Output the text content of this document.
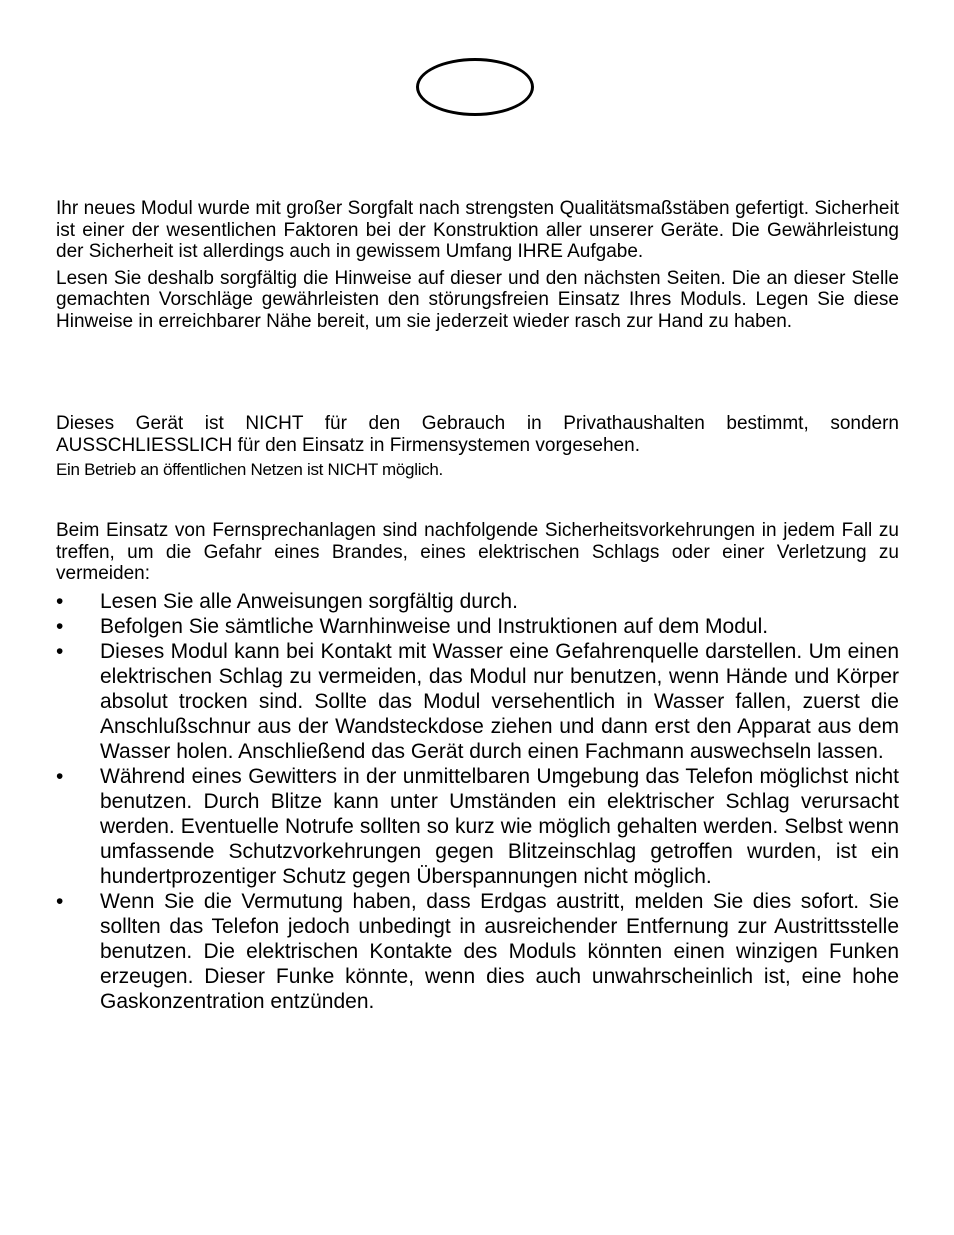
Ihr neues Modul wurde mit großer Sorgfalt nach strengsten Qualitätsmaßstäben gefertigt. Sicherheit ist einer der wesentlichen Faktoren bei der Konstruktion aller unserer Geräte. Die Gewährleistung der Sicherheit ist allerdings auch in gewissem Umfang IHRE Aufgabe.

Lesen Sie deshalb sorgfältig die Hinweise auf dieser und den nächsten Seiten. Die an dieser Stelle gemachten Vorschläge gewährleisten den störungsfreien Einsatz Ihres Moduls. Legen Sie diese Hinweise in erreichbarer Nähe bereit, um sie jederzeit wieder rasch zur Hand zu haben.

Dieses Gerät ist NICHT für den Gebrauch in Privathaushalten bestimmt, sondern AUSSCHLIESSLICH für den Einsatz in Firmensystemen vorgesehen.

Ein Betrieb an öffentlichen Netzen ist NICHT möglich.

Beim Einsatz von Fernsprechanlagen sind nachfolgende Sicherheitsvorkehrungen in jedem Fall zu treffen, um die Gefahr eines Brandes, eines elektrischen Schlags oder einer Verletzung zu vermeiden:

•	Lesen Sie alle Anweisungen sorgfältig durch.
•	Befolgen Sie sämtliche Warnhinweise und Instruktionen auf dem Modul.
•	Dieses Modul kann bei Kontakt mit Wasser eine Gefahrenquelle darstellen. Um einen elektrischen Schlag zu vermeiden, das Modul nur benutzen, wenn Hände und Körper absolut trocken sind. Sollte das Modul versehentlich in Wasser fallen, zuerst die Anschlußschnur aus der Wandsteckdose ziehen und dann erst den Apparat aus dem Wasser holen. Anschließend das Gerät durch einen Fachmann auswechseln lassen.
•	Während eines Gewitters in der unmittelbaren Umgebung das Telefon möglichst nicht benutzen. Durch Blitze kann unter Umständen ein elektrischer Schlag verursacht werden. Eventuelle Notrufe sollten so kurz wie möglich gehalten werden. Selbst wenn umfassende Schutzvorkehrungen gegen Blitzeinschlag getroffen wurden, ist ein hundertprozentiger Schutz gegen Überspannungen nicht möglich.
•	Wenn Sie die Vermutung haben, dass Erdgas austritt, melden Sie dies sofort. Sie sollten das Telefon jedoch unbedingt in ausreichender Entfernung zur Austrittsstelle benutzen. Die elektrischen Kontakte des Moduls könnten einen winzigen Funken erzeugen. Dieser Funke könnte, wenn dies auch unwahrscheinlich ist, eine hohe Gaskonzentration entzünden.
